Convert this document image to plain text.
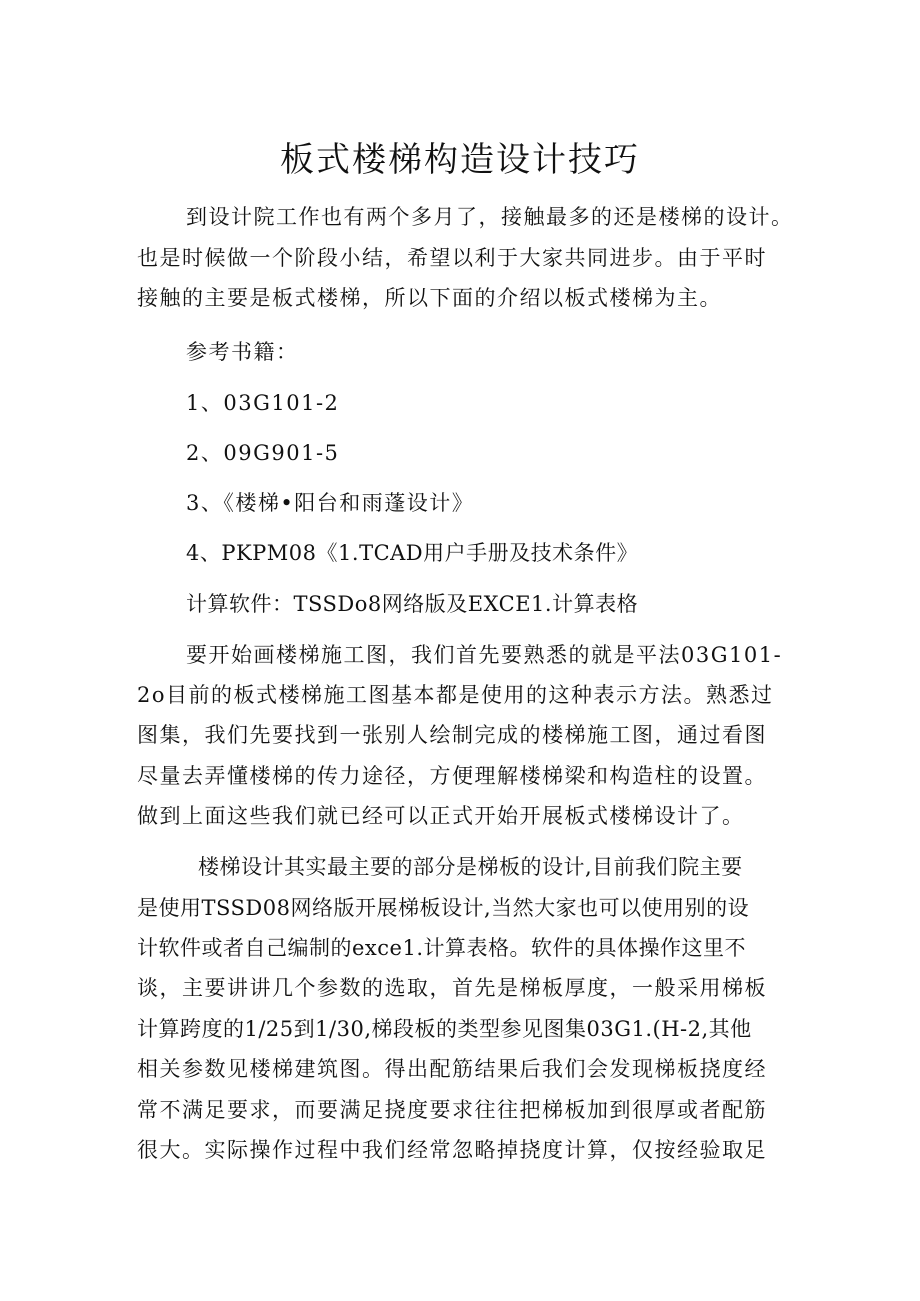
板式楼梯构造设计技巧
到设计院工作也有两个多月了，接触最多的还是楼梯的设计。
也是时候做一个阶段小结，希望以利于大家共同进步。由于平时
接触的主要是板式楼梯，所以下面的介绍以板式楼梯为主。
参考书籍：
1、03G101-2
2、09G901-5
3、《楼梯•阳台和雨蓬设计》
4、PKPM08《1.TCAD用户手册及技术条件》
计算软件：TSSDo8网络版及EXCE1.计算表格
要开始画楼梯施工图，我们首先要熟悉的就是平法03G101-
2o目前的板式楼梯施工图基本都是使用的这种表示方法。熟悉过
图集，我们先要找到一张别人绘制完成的楼梯施工图，通过看图
尽量去弄懂楼梯的传力途径，方便理解楼梯梁和构造柱的设置。
做到上面这些我们就已经可以正式开始开展板式楼梯设计了。
楼梯设计其实最主要的部分是梯板的设计,目前我们院主要
是使用TSSD08网络版开展梯板设计,当然大家也可以使用别的设
计软件或者自己编制的exce1.计算表格。软件的具体操作这里不
谈，主要讲讲几个参数的选取，首先是梯板厚度，一般采用梯板
计算跨度的1/25到1/30,梯段板的类型参见图集03G1.(H-2,其他
相关参数见楼梯建筑图。得出配筋结果后我们会发现梯板挠度经
常不满足要求，而要满足挠度要求往往把梯板加到很厚或者配筋
很大。实际操作过程中我们经常忽略掉挠度计算，仅按经验取足
